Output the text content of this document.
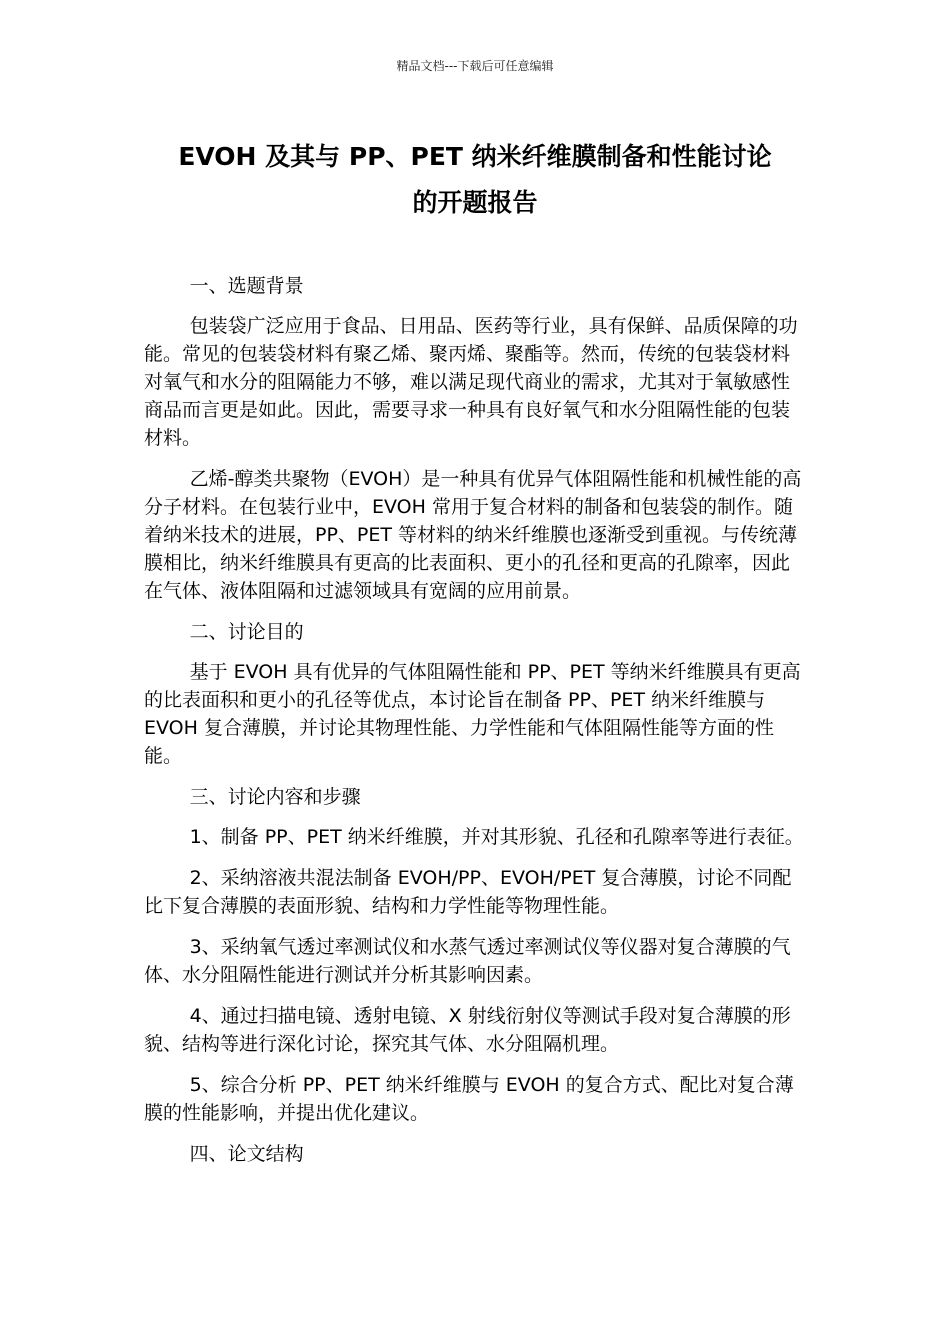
精品文档---下载后可任意编辑
EVOH 及其与 PP、PET 纳米纤维膜制备和性能讨论
的开题报告

一、选题背景

包装袋广泛应用于食品、日用品、医药等行业，具有保鲜、品质保障的功能。常见的包装袋材料有聚乙烯、聚丙烯、聚酯等。然而，传统的包装袋材料对氧气和水分的阻隔能力不够，难以满足现代商业的需求，尤其对于氧敏感性商品而言更是如此。因此，需要寻求一种具有良好氧气和水分阻隔性能的包装材料。

乙烯-醇类共聚物（EVOH）是一种具有优异气体阻隔性能和机械性能的高分子材料。在包装行业中，EVOH 常用于复合材料的制备和包装袋的制作。随着纳米技术的进展，PP、PET 等材料的纳米纤维膜也逐渐受到重视。与传统薄膜相比，纳米纤维膜具有更高的比表面积、更小的孔径和更高的孔隙率，因此在气体、液体阻隔和过滤领域具有宽阔的应用前景。

二、讨论目的

基于 EVOH 具有优异的气体阻隔性能和 PP、PET 等纳米纤维膜具有更高的比表面积和更小的孔径等优点，本讨论旨在制备 PP、PET 纳米纤维膜与 EVOH 复合薄膜，并讨论其物理性能、力学性能和气体阻隔性能等方面的性能。

三、讨论内容和步骤

1、制备 PP、PET 纳米纤维膜，并对其形貌、孔径和孔隙率等进行表征。

2、采纳溶液共混法制备 EVOH/PP、EVOH/PET 复合薄膜，讨论不同配比下复合薄膜的表面形貌、结构和力学性能等物理性能。

3、采纳氧气透过率测试仪和水蒸气透过率测试仪等仪器对复合薄膜的气体、水分阻隔性能进行测试并分析其影响因素。

4、通过扫描电镜、透射电镜、X 射线衍射仪等测试手段对复合薄膜的形貌、结构等进行深化讨论，探究其气体、水分阻隔机理。

5、综合分析 PP、PET 纳米纤维膜与 EVOH 的复合方式、配比对复合薄膜的性能影响，并提出优化建议。

四、论文结构
